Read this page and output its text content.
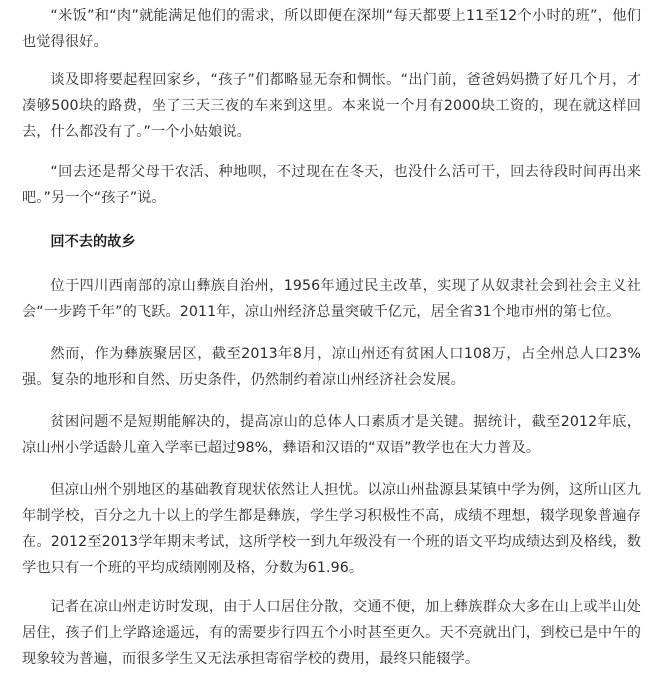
“米饭”和“肉”就能满足他们的需求，所以即便在深圳“每天都要上11至12个小时的班”，他们也觉得很好。

谈及即将要起程回家乡，“孩子”们都略显无奈和惆怅。“出门前，爸爸妈妈攒了好几个月，才凑够500块的路费，坐了三天三夜的车来到这里。本来说一个月有2000块工资的，现在就这样回去，什么都没有了。”一个小姑娘说。

“回去还是帮父母干农活、种地呗，不过现在在冬天，也没什么活可干，回去待段时间再出来吧。”另一个“孩子”说。

回不去的故乡

位于四川西南部的凉山彝族自治州，1956年通过民主改革，实现了从奴隶社会到社会主义社会“一步跨千年”的飞跃。2011年，凉山州经济总量突破千亿元，居全省31个地市州的第七位。

然而，作为彝族聚居区，截至2013年8月，凉山州还有贫困人口108万，占全州总人口23%强。复杂的地形和自然、历史条件，仍然制约着凉山州经济社会发展。

贫困问题不是短期能解决的，提高凉山的总体人口素质才是关键。据统计，截至2012年底，凉山州小学适龄儿童入学率已超过98%，彝语和汉语的“双语”教学也在大力普及。

但凉山州个别地区的基础教育现状依然让人担忧。以凉山州盐源县某镇中学为例，这所山区九年制学校，百分之九十以上的学生都是彝族，学生学习积极性不高，成绩不理想，辍学现象普遍存在。2012至2013学年期末考试，这所学校一到九年级没有一个班的语文平均成绩达到及格线，数学也只有一个班的平均成绩刚刚及格，分数为61.96。

记者在凉山州走访时发现，由于人口居住分散，交通不便，加上彝族群众大多在山上或半山处居住，孩子们上学路途遥远，有的需要步行四五个小时甚至更久。天不亮就出门，到校已是中午的现象较为普遍，而很多学生又无法承担寄宿学校的费用，最终只能辍学。
